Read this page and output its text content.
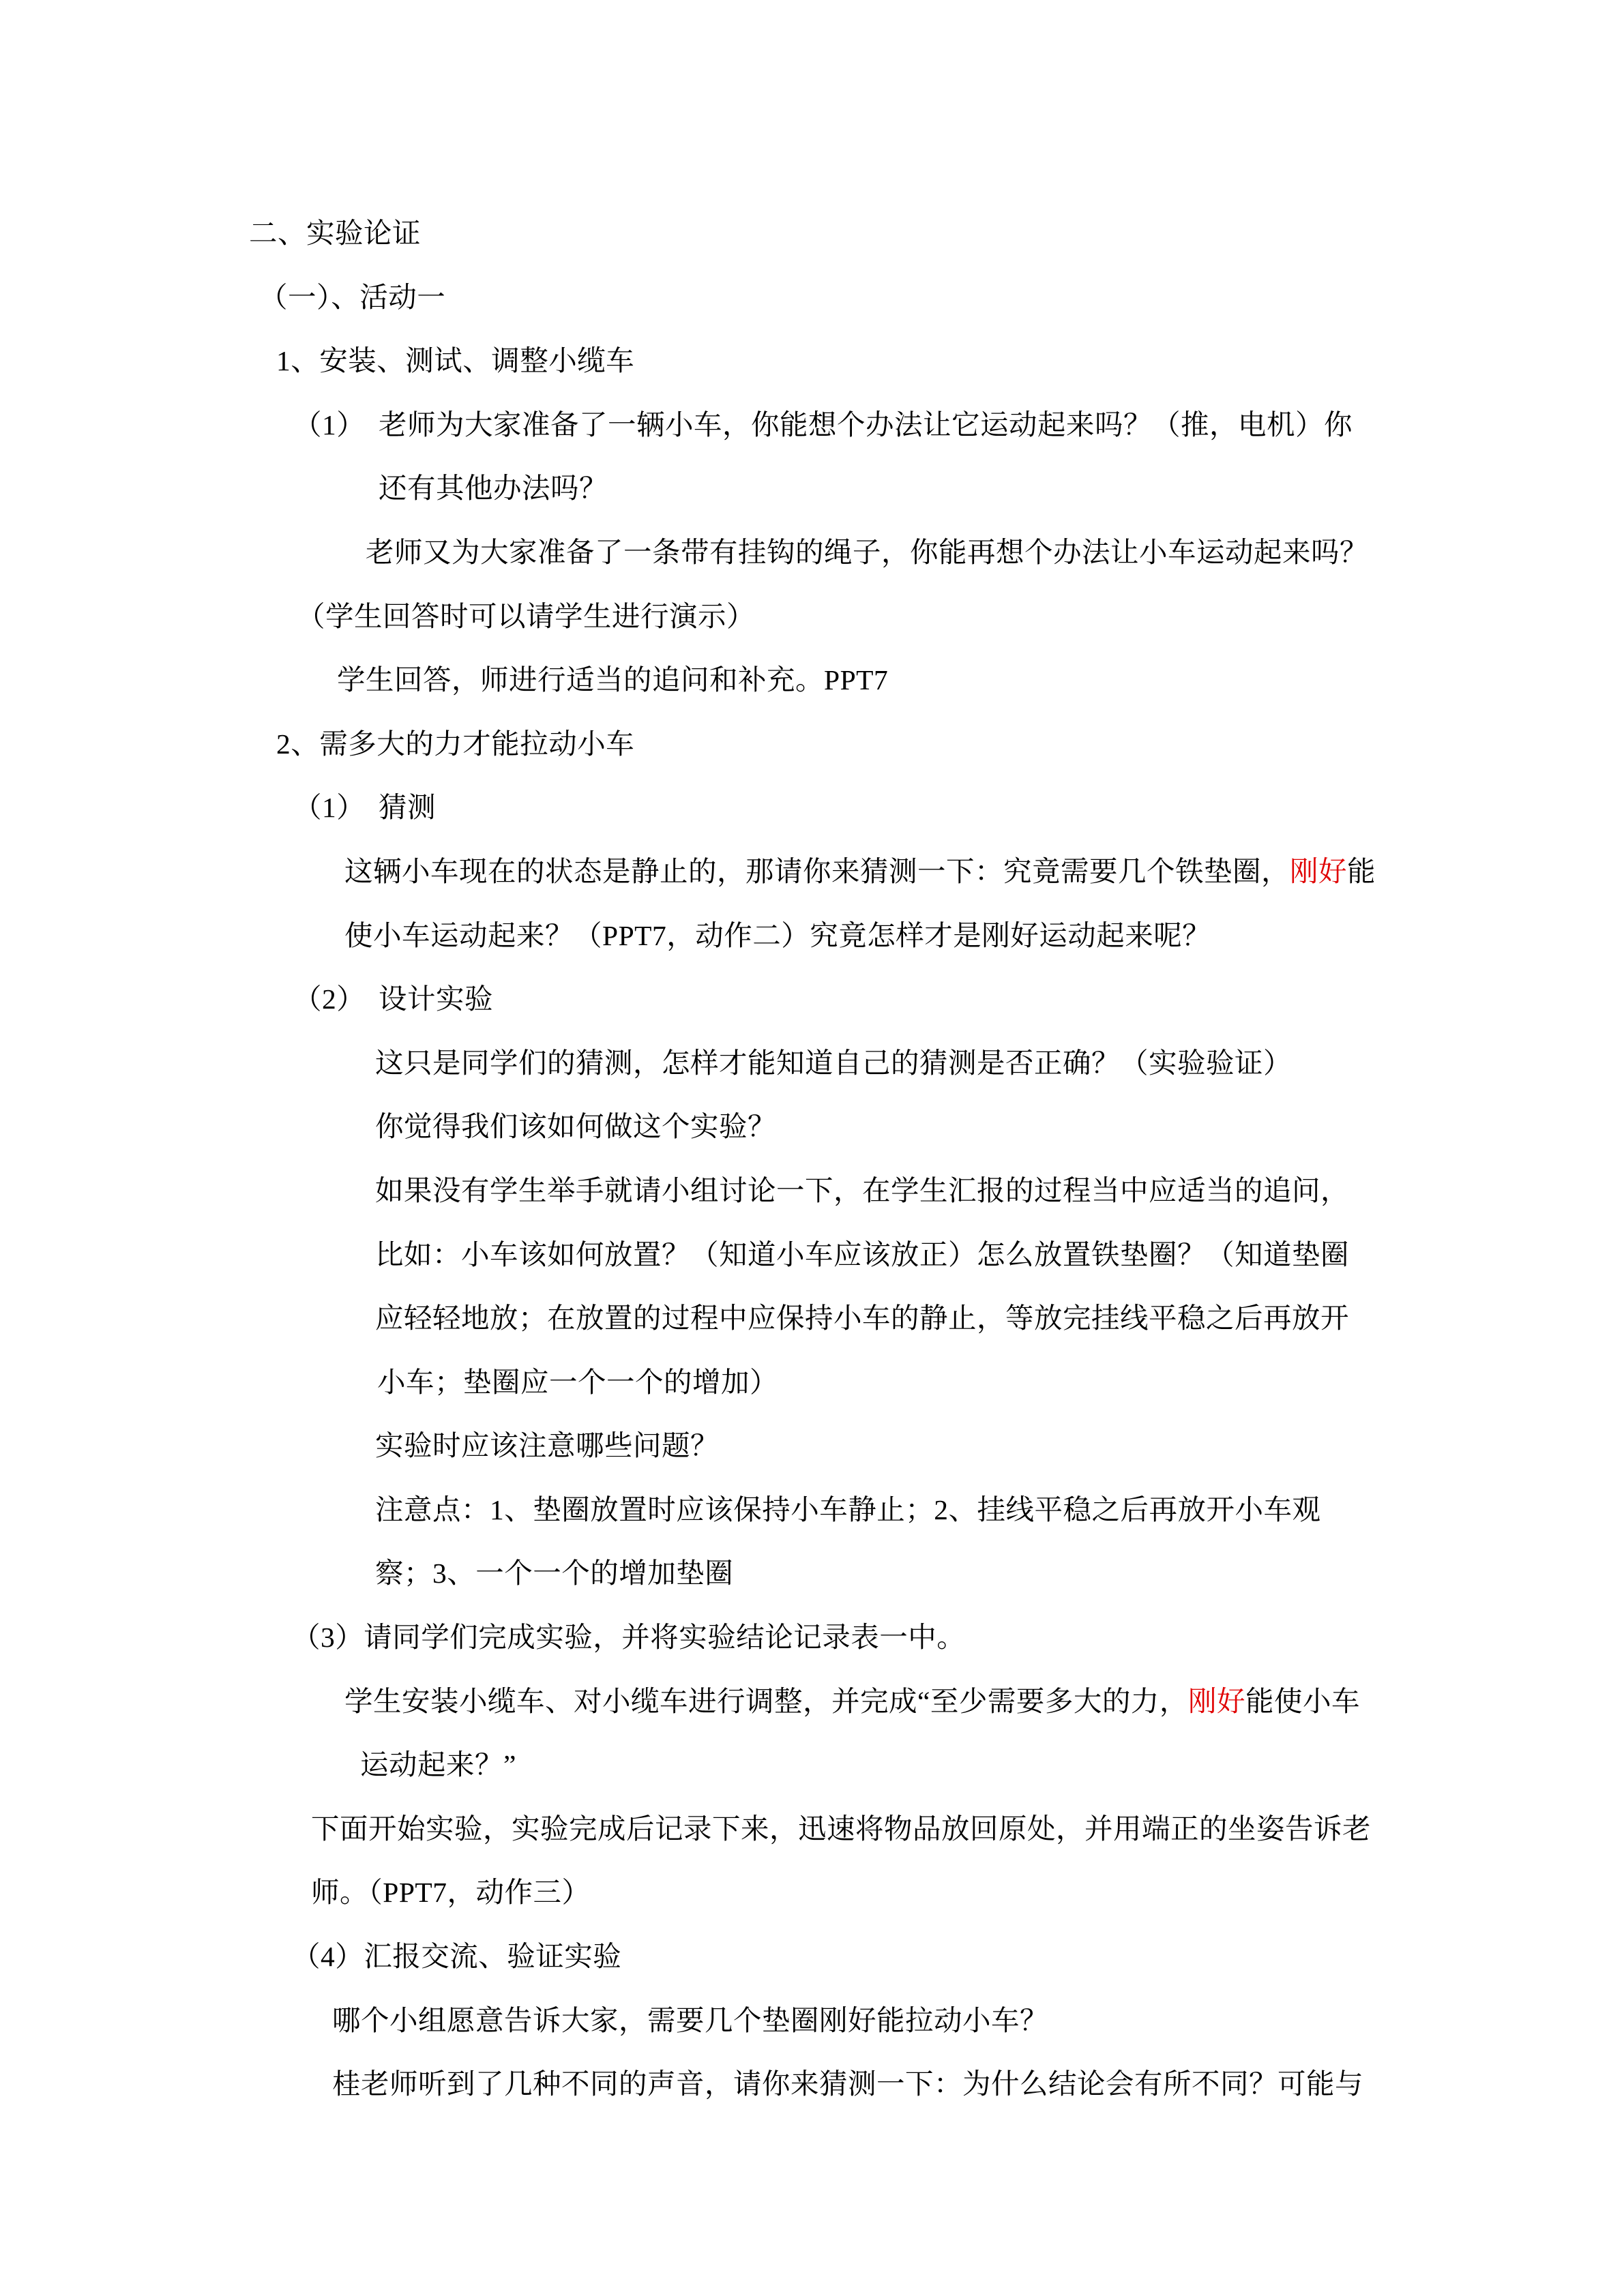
二、实验论证
（一）、活动一
1、安装、测试、调整小缆车
（1） 老师为大家准备了一辆小车，你能想个办法让它运动起来吗？（推，电机）你
还有其他办法吗？
老师又为大家准备了一条带有挂钩的绳子，你能再想个办法让小车运动起来吗？
（学生回答时可以请学生进行演示）
学生回答，师进行适当的追问和补充。PPT7
2、需多大的力才能拉动小车
（1） 猜测
这辆小车现在的状态是静止的，那请你来猜测一下：究竟需要几个铁垫圈，刚好能
使小车运动起来？（PPT7，动作二）究竟怎样才是刚好运动起来呢？
（2） 设计实验
这只是同学们的猜测，怎样才能知道自己的猜测是否正确？（实验验证）
你觉得我们该如何做这个实验？
如果没有学生举手就请小组讨论一下，在学生汇报的过程当中应适当的追问，
比如：小车该如何放置？（知道小车应该放正）怎么放置铁垫圈？（知道垫圈
应轻轻地放；在放置的过程中应保持小车的静止，等放完挂线平稳之后再放开
小车；垫圈应一个一个的增加）
实验时应该注意哪些问题？
注意点：1、垫圈放置时应该保持小车静止；2、挂线平稳之后再放开小车观
察；3、一个一个的增加垫圈
（3）请同学们完成实验，并将实验结论记录表一中。
学生安装小缆车、对小缆车进行调整，并完成“至少需要多大的力，刚好能使小车
运动起来？”
下面开始实验，实验完成后记录下来，迅速将物品放回原处，并用端正的坐姿告诉老
师。（PPT7，动作三）
（4）汇报交流、验证实验
哪个小组愿意告诉大家，需要几个垫圈刚好能拉动小车？
桂老师听到了几种不同的声音，请你来猜测一下：为什么结论会有所不同？可能与
